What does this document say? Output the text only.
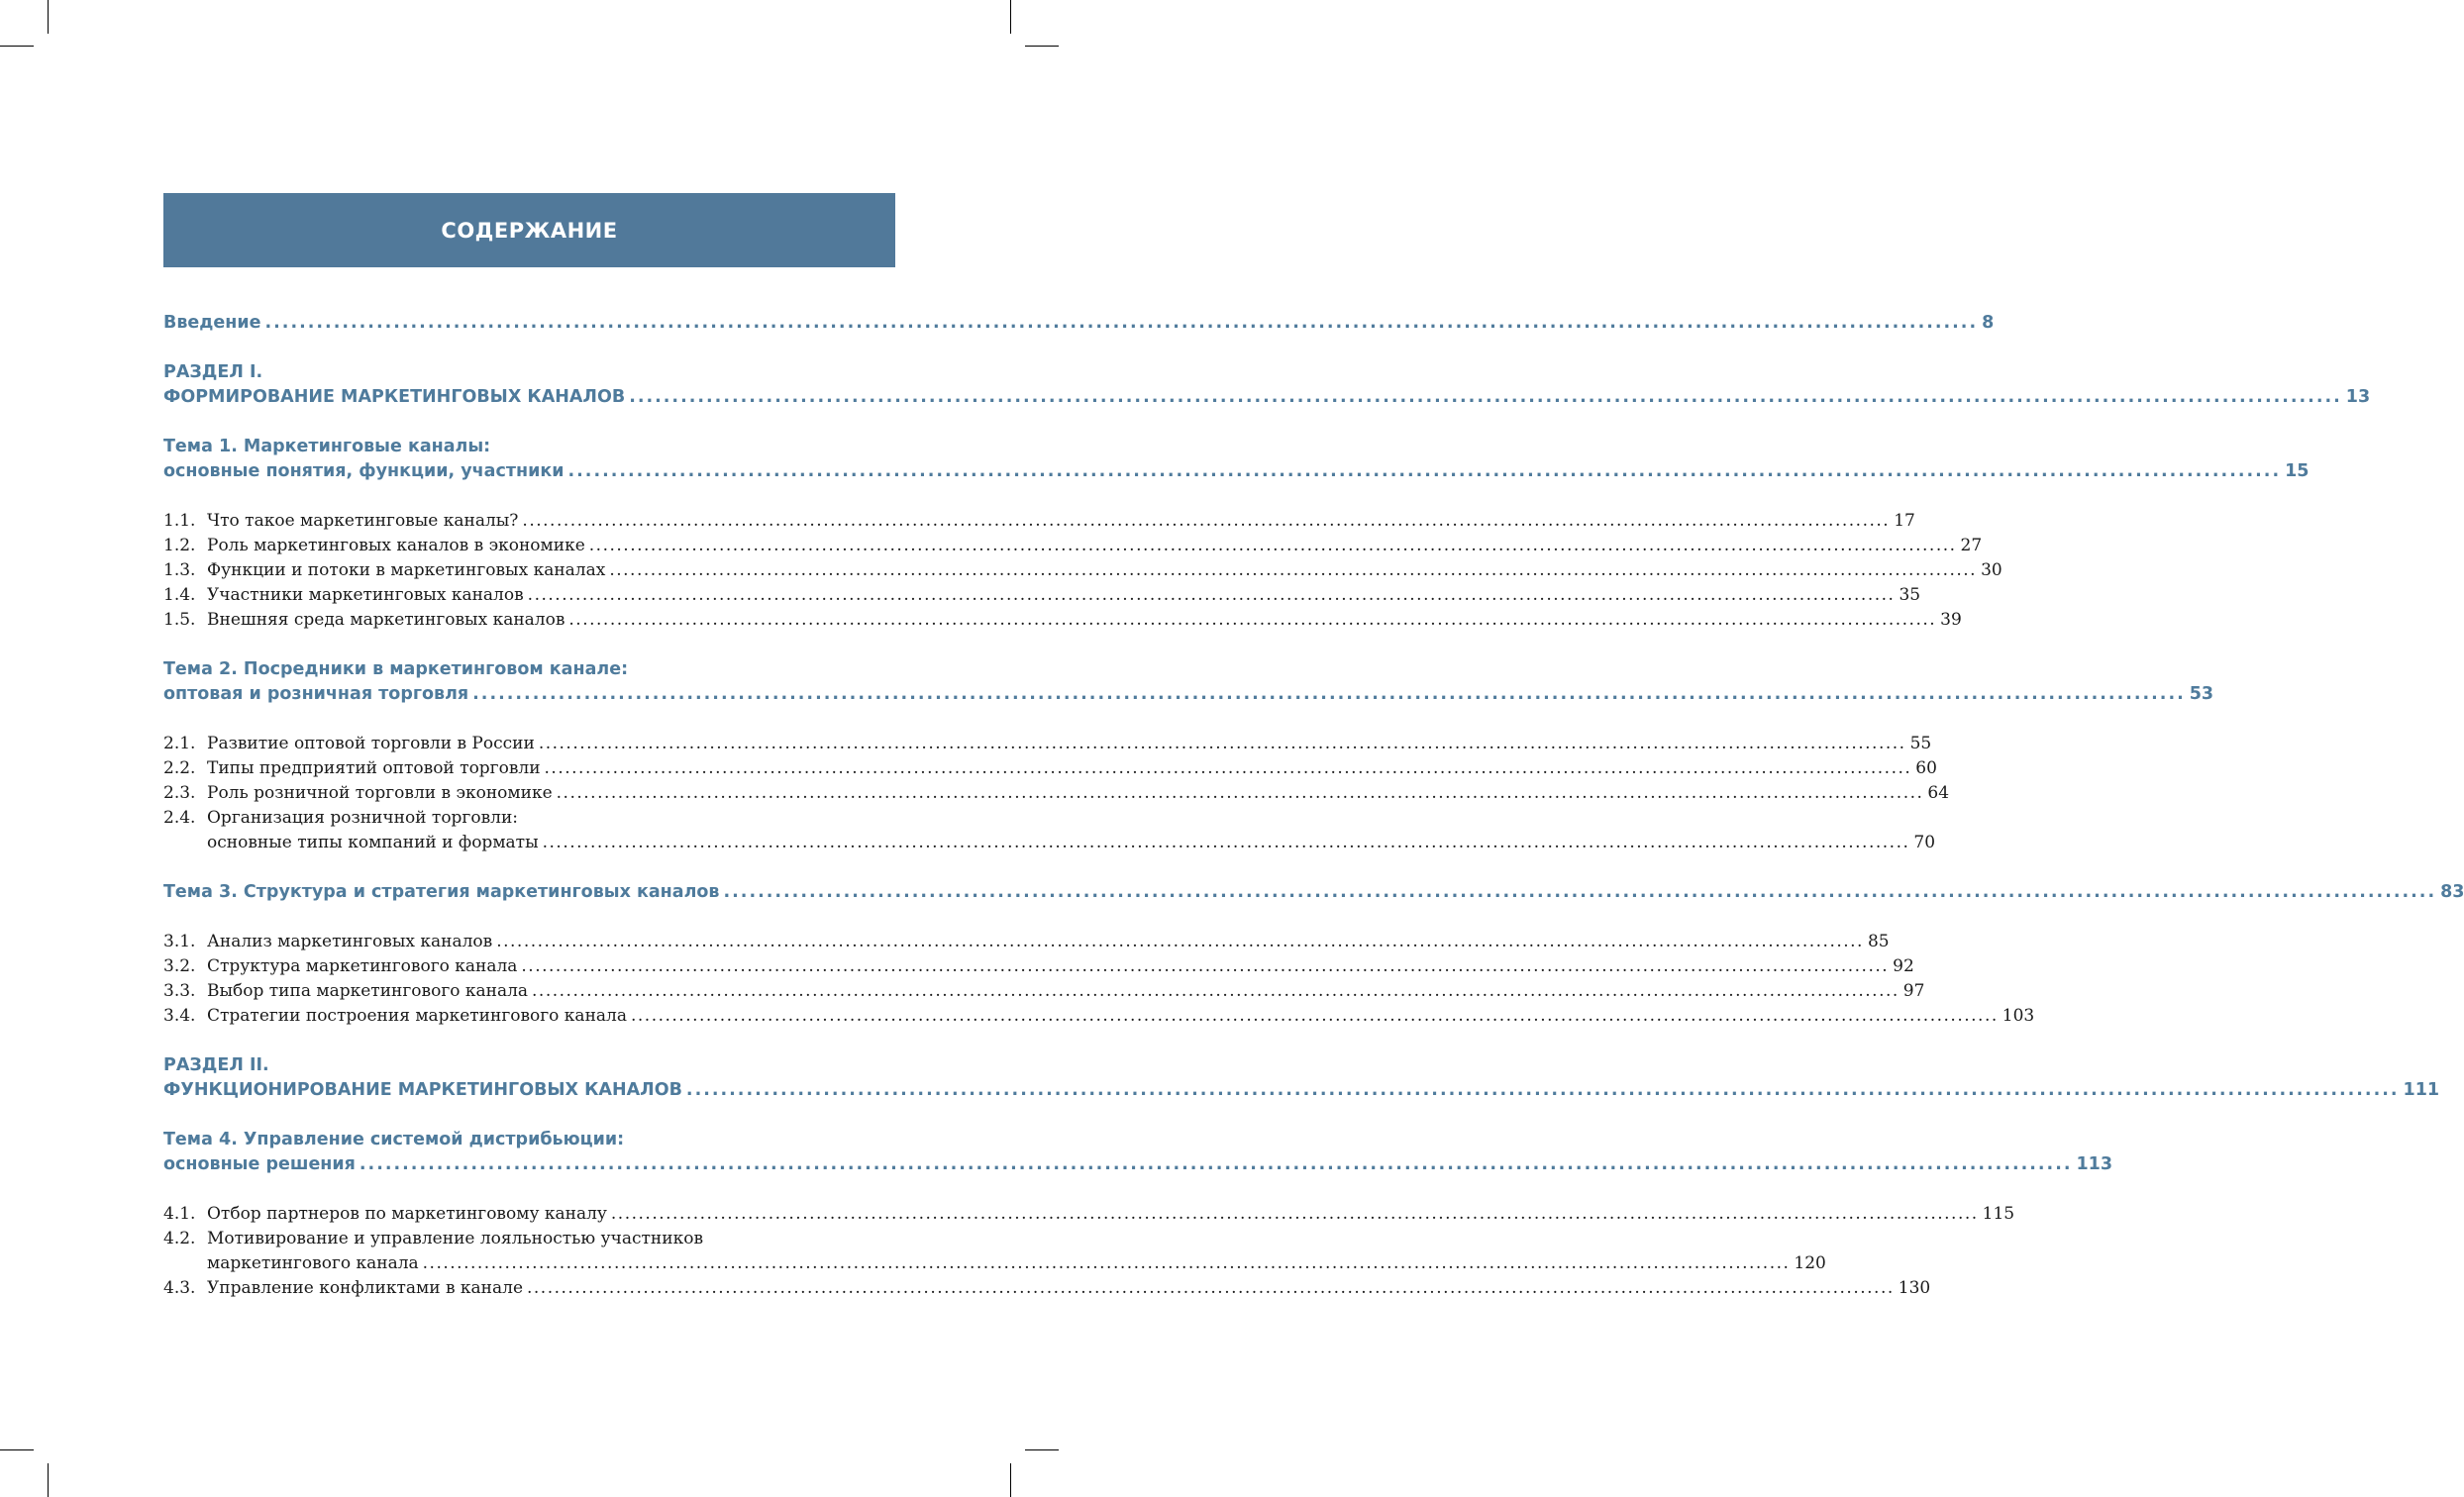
СОДЕРЖАНИЕ
Введение ........................................................................................................................................................................................................ 8
РАЗДЕЛ I.
ФОРМИРОВАНИЕ МАРКЕТИНГОВЫХ КАНАЛОВ ........................................................................................................................................................................................................ 13
Тема 1. Маркетинговые каналы:
основные понятия, функции, участники ........................................................................................................................................................................................................ 15
1.1. Что такое маркетинговые каналы? ........................................................................................................................................................................................................ 17
1.2. Роль маркетинговых каналов в экономике ........................................................................................................................................................................................................ 27
1.3. Функции и потоки в маркетинговых каналах ........................................................................................................................................................................................................ 30
1.4. Участники маркетинговых каналов ........................................................................................................................................................................................................ 35
1.5. Внешняя среда маркетинговых каналов ........................................................................................................................................................................................................ 39
Тема 2. Посредники в маркетинговом канале:
оптовая и розничная торговля ........................................................................................................................................................................................................ 53
2.1. Развитие оптовой торговли в России ........................................................................................................................................................................................................ 55
2.2. Типы предприятий оптовой торговли ........................................................................................................................................................................................................ 60
2.3. Роль розничной торговли в экономике ........................................................................................................................................................................................................ 64
2.4. Организация розничной торговли:
основные типы компаний и форматы ........................................................................................................................................................................................................ 70
Тема 3. Структура и стратегия маркетинговых каналов ........................................................................................................................................................................................................ 83
3.1. Анализ маркетинговых каналов ........................................................................................................................................................................................................ 85
3.2. Структура маркетингового канала ........................................................................................................................................................................................................ 92
3.3. Выбор типа маркетингового канала ........................................................................................................................................................................................................ 97
3.4. Стратегии построения маркетингового канала ........................................................................................................................................................................................................ 103
РАЗДЕЛ II.
ФУНКЦИОНИРОВАНИЕ МАРКЕТИНГОВЫХ КАНАЛОВ ........................................................................................................................................................................................................ 111
Тема 4. Управление системой дистрибьюции:
основные решения ........................................................................................................................................................................................................ 113
4.1. Отбор партнеров по маркетинговому каналу ........................................................................................................................................................................................................ 115
4.2. Мотивирование и управление лояльностью участников
маркетингового канала ........................................................................................................................................................................................................ 120
4.3. Управление конфликтами в канале ........................................................................................................................................................................................................ 130
